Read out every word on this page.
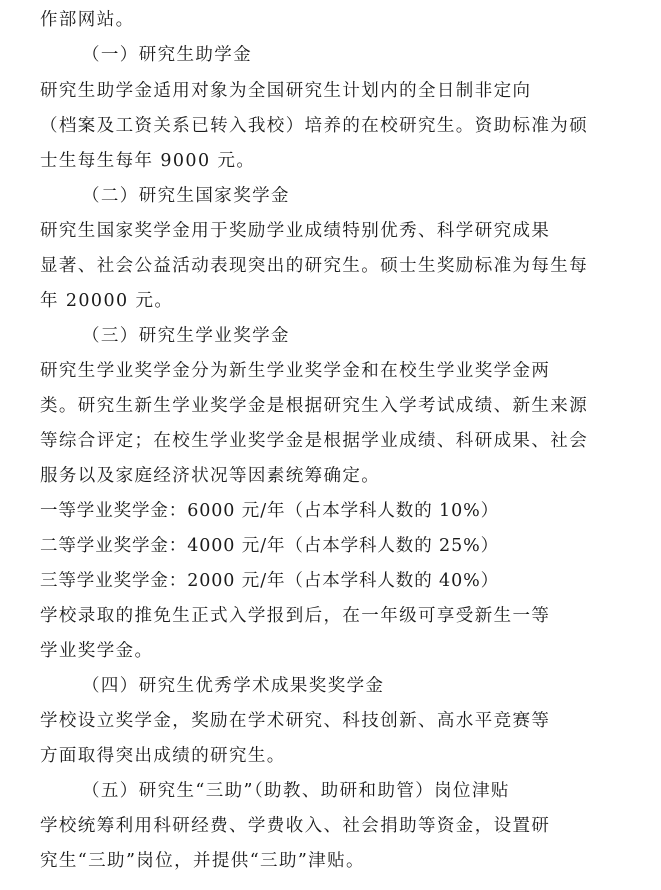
作部网站。
（一）研究生助学金
研究生助学金适用对象为全国研究生计划内的全日制非定向
（档案及工资关系已转入我校）培养的在校研究生。资助标准为硕
士生每生每年 9000 元。
（二）研究生国家奖学金
研究生国家奖学金用于奖励学业成绩特别优秀、科学研究成果
显著、社会公益活动表现突出的研究生。硕士生奖励标准为每生每
年 20000 元。
（三）研究生学业奖学金
研究生学业奖学金分为新生学业奖学金和在校生学业奖学金两
类。研究生新生学业奖学金是根据研究生入学考试成绩、新生来源
等综合评定；在校生学业奖学金是根据学业成绩、科研成果、社会
服务以及家庭经济状况等因素统筹确定。
一等学业奖学金：6000 元/年（占本学科人数的 10%）
二等学业奖学金：4000 元/年（占本学科人数的 25%）
三等学业奖学金：2000 元/年（占本学科人数的 40%）
学校录取的推免生正式入学报到后，在一年级可享受新生一等
学业奖学金。
（四）研究生优秀学术成果奖奖学金
学校设立奖学金，奖励在学术研究、科技创新、高水平竞赛等
方面取得突出成绩的研究生。
（五）研究生“三助”（助教、助研和助管）岗位津贴
学校统筹利用科研经费、学费收入、社会捐助等资金，设置研
究生“三助”岗位，并提供“三助”津贴。
